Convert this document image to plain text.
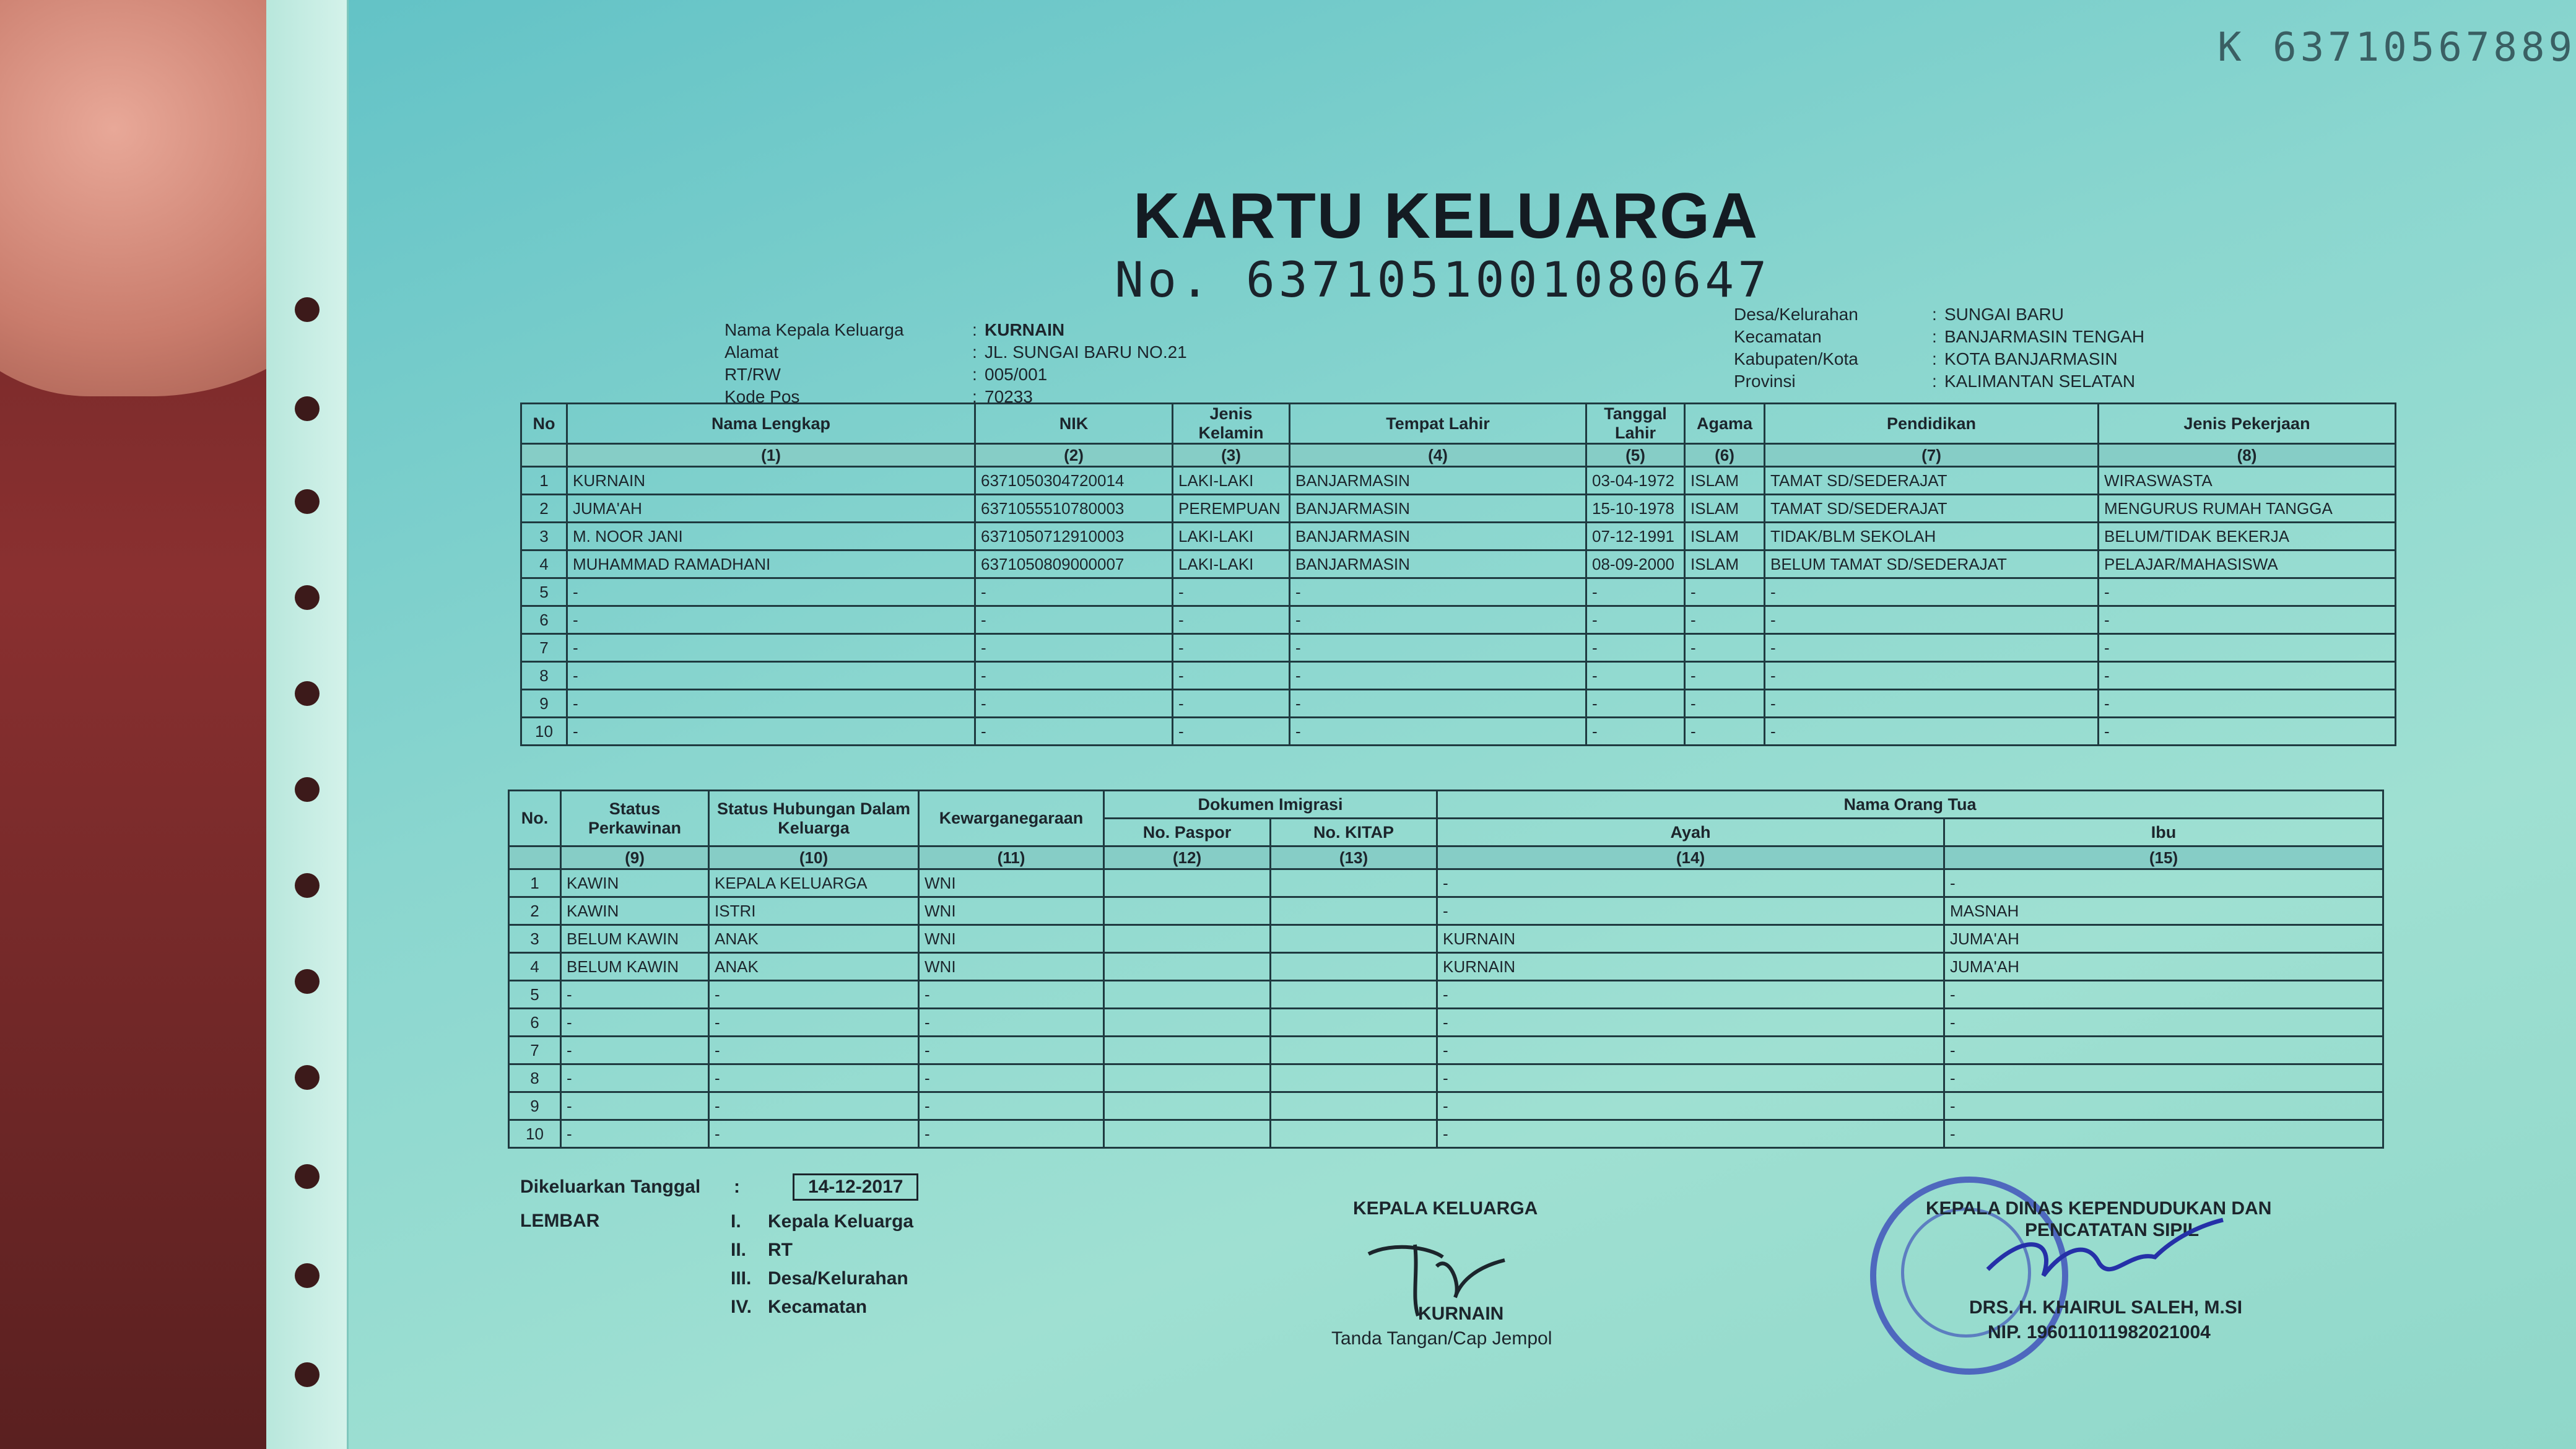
K 63710567889
KARTU KELUARGA
No. 6371051001080647
Nama Kepala Keluarga	: KURNAIN
Alamat	: JL. SUNGAI BARU NO.21
RT/RW	: 005/001
Kode Pos	: 70233
Desa/Kelurahan	: SUNGAI BARU
Kecamatan	: BANJARMASIN TENGAH
Kabupaten/Kota	: KOTA BANJARMASIN
Provinsi	: KALIMANTAN SELATAN
No	Nama Lengkap	NIK	Jenis Kelamin	Tempat Lahir	Tanggal Lahir	Agama	Pendidikan	Jenis Pekerjaan
	(1)	(2)	(3)	(4)	(5)	(6)	(7)	(8)
1	KURNAIN	6371050304720014	LAKI-LAKI	BANJARMASIN	03-04-1972	ISLAM	TAMAT SD/SEDERAJAT	WIRASWASTA
2	JUMA'AH	6371055510780003	PEREMPUAN	BANJARMASIN	15-10-1978	ISLAM	TAMAT SD/SEDERAJAT	MENGURUS RUMAH TANGGA
3	M. NOOR JANI	6371050712910003	LAKI-LAKI	BANJARMASIN	07-12-1991	ISLAM	TIDAK/BLM SEKOLAH	BELUM/TIDAK BEKERJA
4	MUHAMMAD RAMADHANI	6371050809000007	LAKI-LAKI	BANJARMASIN	08-09-2000	ISLAM	BELUM TAMAT SD/SEDERAJAT	PELAJAR/MAHASISWA
5	-	-	-	-	-	-	-	-
6	-	-	-	-	-	-	-	-
7	-	-	-	-	-	-	-	-
8	-	-	-	-	-	-	-	-
9	-	-	-	-	-	-	-	-
10	-	-	-	-	-	-	-	-
No.	Status Perkawinan	Status Hubungan Dalam Keluarga	Kewarganegaraan	Dokumen Imigrasi		Nama Orang Tua	
				No. Paspor	No. KITAP	Ayah	Ibu
	(9)	(10)	(11)	(12)	(13)	(14)	(15)
1	KAWIN	KEPALA KELUARGA	WNI			-	-
2	KAWIN	ISTRI	WNI			-	MASNAH
3	BELUM KAWIN	ANAK	WNI			KURNAIN	JUMA'AH
4	BELUM KAWIN	ANAK	WNI			KURNAIN	JUMA'AH
5	-	-	-			-	-
6	-	-	-			-	-
7	-	-	-			-	-
8	-	-	-			-	-
9	-	-	-			-	-
10	-	-	-			-	-
Dikeluarkan Tanggal :	14-12-2017
LEMBAR	I. Kepala Keluarga
II. RT
III. Desa/Kelurahan
IV. Kecamatan
KEPALA KELUARGA
KURNAIN
Tanda Tangan/Cap Jempol
KEPALA DINAS KEPENDUDUKAN DAN
PENCATATAN SIPIL
DRS. H. KHAIRUL SALEH, M.SI
NIP. 196011011982021004
